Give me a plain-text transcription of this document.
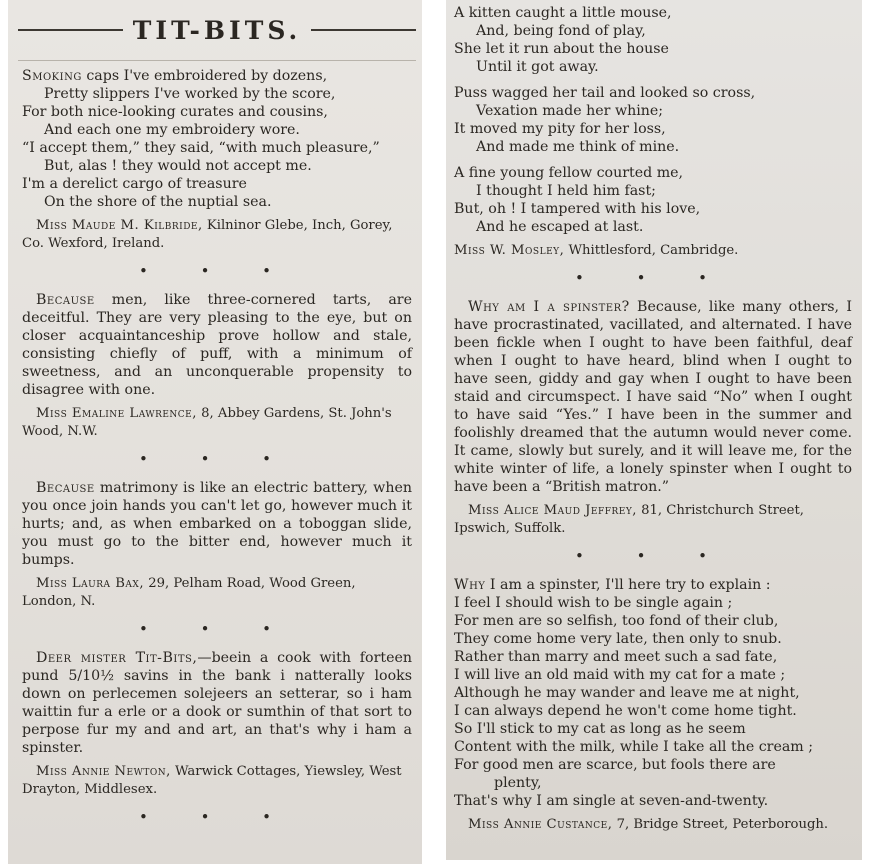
TIT-BITS.

Smoking caps I've embroidered by dozens,

Pretty slippers I've worked by the score,

For both nice-looking curates and cousins,

And each one my embroidery wore.

“I accept them,” they said, “with much pleasure,”

But, alas ! they would not accept me.

I'm a derelict cargo of treasure

On the shore of the nuptial sea.

Miss Maude M. Kilbride, Kilninor Glebe, Inch, Gorey, Co. Wexford, Ireland.

• • •

Because men, like three-cornered tarts, are deceitful. They are very pleasing to the eye, but on closer acquaintanceship prove hollow and stale, consisting chiefly of puff, with a minimum of sweetness, and an unconquerable propensity to disagree with one.

Miss Emaline Lawrence, 8, Abbey Gardens, St. John's Wood, N.W.

• • •

Because matrimony is like an electric battery, when you once join hands you can't let go, however much it hurts; and, as when embarked on a toboggan slide, you must go to the bitter end, however much it bumps.

Miss Laura Bax, 29, Pelham Road, Wood Green, London, N.

• • •

Deer mister Tit-Bits,—beein a cook with forteen pund 5/10½ savins in the bank i natterally looks down on perlecemen solejeers an setterar, so i ham waittin fur a erle or a dook or sumthin of that sort to perpose fur my and and art, an that's why i ham a spinster.

Miss Annie Newton, Warwick Cottages, Yiewsley, West Drayton, Middlesex.

• • •

A kitten caught a little mouse,

And, being fond of play,

She let it run about the house

Until it got away.

Puss wagged her tail and looked so cross,

Vexation made her whine;

It moved my pity for her loss,

And made me think of mine.

A fine young fellow courted me,

I thought I held him fast;

But, oh ! I tampered with his love,

And he escaped at last.

Miss W. Mosley, Whittlesford, Cambridge.

• • •

Why am I a spinster? Because, like many others, I have procrastinated, vacillated, and alternated. I have been fickle when I ought to have been faithful, deaf when I ought to have heard, blind when I ought to have seen, giddy and gay when I ought to have been staid and circumspect. I have said “No” when I ought to have said “Yes.” I have been in the summer and foolishly dreamed that the autumn would never come. It came, slowly but surely, and it will leave me, for the white winter of life, a lonely spinster when I ought to have been a “British matron.”

Miss Alice Maud Jeffrey, 81, Christchurch Street, Ipswich, Suffolk.

• • •

Why I am a spinster, I'll here try to explain :

I feel I should wish to be single again ;

For men are so selfish, too fond of their club,

They come home very late, then only to snub.

Rather than marry and meet such a sad fate,

I will live an old maid with my cat for a mate ;

Although he may wander and leave me at night,

I can always depend he won't come home tight.

So I'll stick to my cat as long as he seem

Content with the milk, while I take all the cream ;

For good men are scarce, but fools there are

plenty,

That's why I am single at seven-and-twenty.

Miss Annie Custance, 7, Bridge Street, Peterborough.
